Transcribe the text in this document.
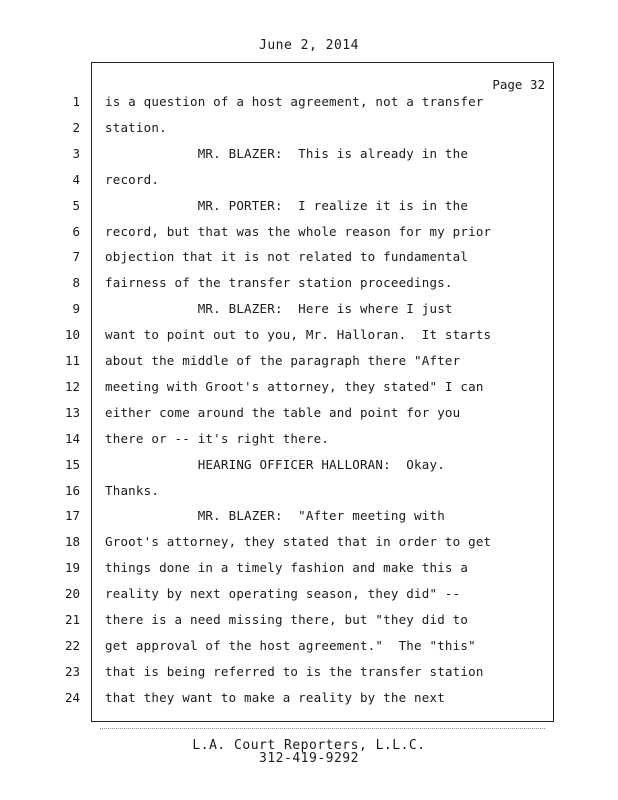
June 2, 2014
Page 32
1
2
3
4
5
6
7
8
9
10
11
12
13
14
15
16
17
18
19
20
21
22
23
24
is a question of a host agreement, not a transfer
station.
MR. BLAZER:  This is already in the
record.
MR. PORTER:  I realize it is in the
record, but that was the whole reason for my prior
objection that it is not related to fundamental
fairness of the transfer station proceedings.
MR. BLAZER:  Here is where I just
want to point out to you, Mr. Halloran.  It starts
about the middle of the paragraph there "After
meeting with Groot's attorney, they stated" I can
either come around the table and point for you
there or -- it's right there.
HEARING OFFICER HALLORAN:  Okay.
Thanks.
MR. BLAZER:  "After meeting with
Groot's attorney, they stated that in order to get
things done in a timely fashion and make this a
reality by next operating season, they did" --
there is a need missing there, but "they did to
get approval of the host agreement."  The "this"
that is being referred to is the transfer station
that they want to make a reality by the next
L.A. Court Reporters, L.L.C.
312-419-9292
